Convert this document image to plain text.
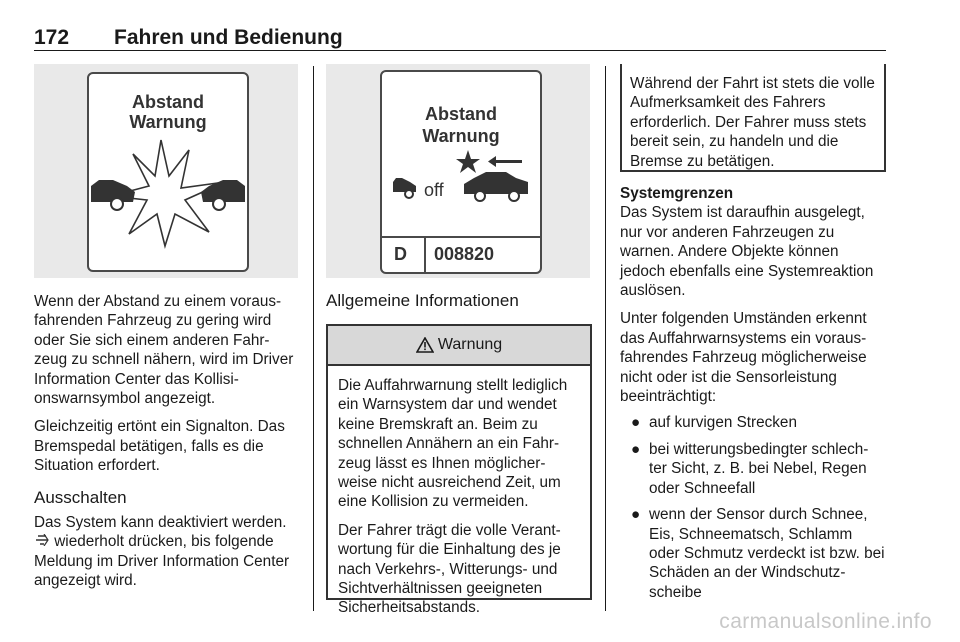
172 Fahren und Bedienung
Abstand
Warnung

Wenn der Abstand zu einem voraus-fahrenden Fahrzeug zu gering wird oder Sie sich einem anderen Fahr-zeug zu schnell nähern, wird im Driver Information Center das Kollisi-onswarnsymbol angezeigt.

Gleichzeitig ertönt ein Signalton. Das Bremspedal betätigen, falls es die Situation erfordert.

Ausschalten

Das System kann deaktiviert werden.  wiederholt drücken, bis folgende Meldung im Driver Information Center angezeigt wird.

Abstand
Warnung
off
D 008820
Allgemeine Informationen
Warnung

Die Auffahrwarnung stellt lediglich ein Warnsystem dar und wendet keine Bremskraft an. Beim zu schnellen Annähern an ein Fahr-zeug lässt es Ihnen möglicher-weise nicht ausreichend Zeit, um eine Kollision zu vermeiden.

Der Fahrer trägt die volle Verant-wortung für die Einhaltung des je nach Verkehrs-, Witterungs- und Sichtverhältnissen geeigneten Sicherheitsabstands.

Während der Fahrt ist stets die volle Aufmerksamkeit des Fahrers erforderlich. Der Fahrer muss stets bereit sein, zu handeln und die Bremse zu betätigen.

Systemgrenzen

Das System ist daraufhin ausgelegt, nur vor anderen Fahrzeugen zu warnen. Andere Objekte können jedoch ebenfalls eine Systemreaktion auslösen.

Unter folgenden Umständen erkennt das Auffahrwarnsystems ein voraus-fahrendes Fahrzeug möglicherweise nicht oder ist die Sensorleistung beeinträchtigt:

● auf kurvigen Strecken
● bei witterungsbedingter schlech-ter Sicht, z. B. bei Nebel, Regen oder Schneefall
● wenn der Sensor durch Schnee, Eis, Schneematsch, Schlamm oder Schmutz verdeckt ist bzw. bei Schäden an der Windschutz-scheibe
carmanualsonline.info
